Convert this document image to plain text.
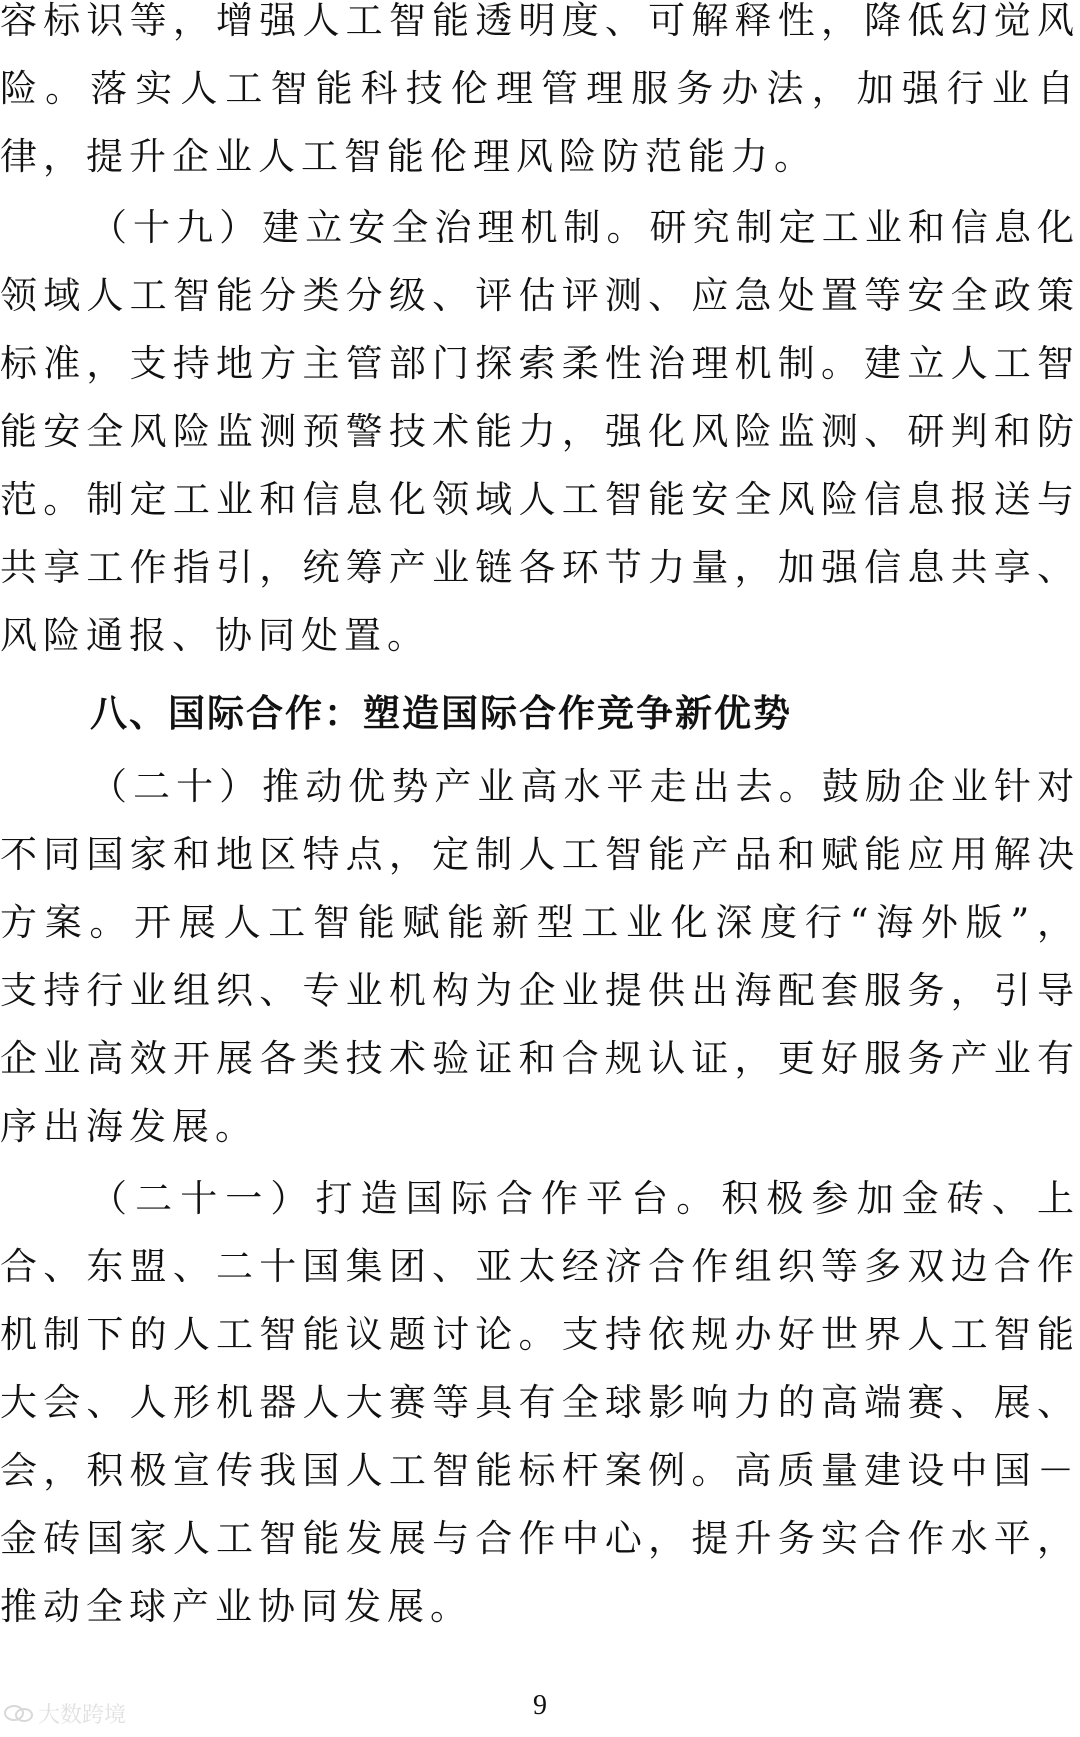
容标识等，增强人工智能透明度、可解释性，降低幻觉风险。落实人工智能科技伦理管理服务办法，加强行业自律，提升企业人工智能伦理风险防范能力。

（十九）建立安全治理机制。研究制定工业和信息化领域人工智能分类分级、评估评测、应急处置等安全政策标准，支持地方主管部门探索柔性治理机制。建立人工智能安全风险监测预警技术能力，强化风险监测、研判和防范。制定工业和信息化领域人工智能安全风险信息报送与共享工作指引，统筹产业链各环节力量，加强信息共享、风险通报、协同处置。

八、国际合作：塑造国际合作竞争新优势

（二十）推动优势产业高水平走出去。鼓励企业针对不同国家和地区特点，定制人工智能产品和赋能应用解决方案。开展人工智能赋能新型工业化深度行“海外版”，支持行业组织、专业机构为企业提供出海配套服务，引导企业高效开展各类技术验证和合规认证，更好服务产业有序出海发展。

（二十一）打造国际合作平台。积极参加金砖、上合、东盟、二十国集团、亚太经济合作组织等多双边合作机制下的人工智能议题讨论。支持依规办好世界人工智能大会、人形机器人大赛等具有全球影响力的高端赛、展、会，积极宣传我国人工智能标杆案例。高质量建设中国－金砖国家人工智能发展与合作中心，提升务实合作水平，推动全球产业协同发展。

大数跨境	9
